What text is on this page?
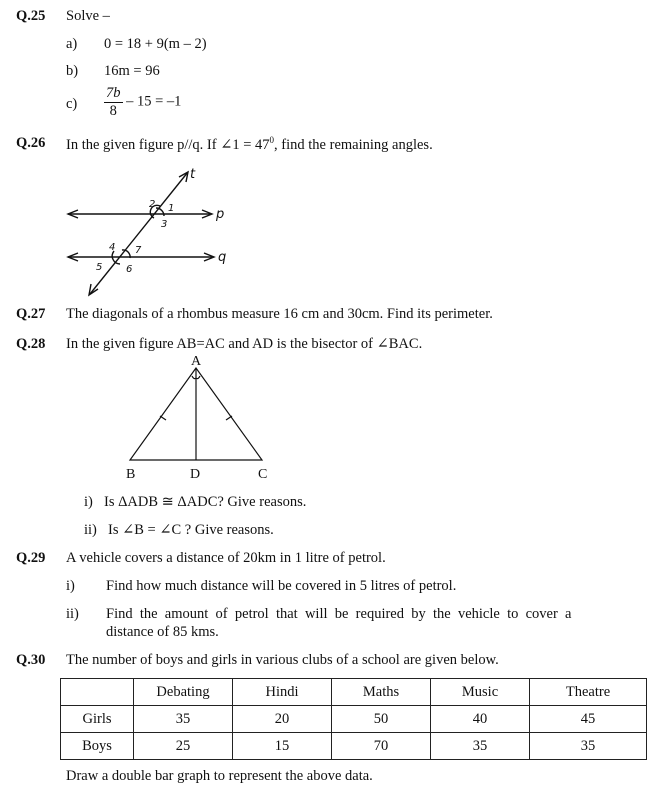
Q.25 Solve –
a) 0 = 18 + 9(m – 2)
b) 16m = 96
$c) \frac{7b}{8} - 15 = -1$
Q.26 In the given figure p//q. If ∠1 = $47^0$, find the remaining angles.
2 1
3
4 7
5 6
t
p
q
Q.27 The diagonals of a rhombus measure 16 cm and 30cm. Find its perimeter.
Q.28 In the given figure AB=AC and AD is the bisector of ∠BAC.
A
B	D	C
i) Is ΔADB ≅ ΔADC? Give reasons.
ii) Is ∠B = ∠C ? Give reasons.
Q.29 A vehicle covers a distance of 20km in 1 litre of petrol.
i) Find how much distance will be covered in 5 litres of petrol.
ii) Find  the  amount  of  petrol  that  will  be  required  by  the  vehicle  to  cover  a
distance of 85 kms.
Q.30 The number of boys and girls in various clubs of a school are given below.
	Debating	Hindi	Maths	Music	Theatre
Girls	35	20	50	40	45
Boys	25	15	70	35	35
Draw a double bar graph to represent the above data.
